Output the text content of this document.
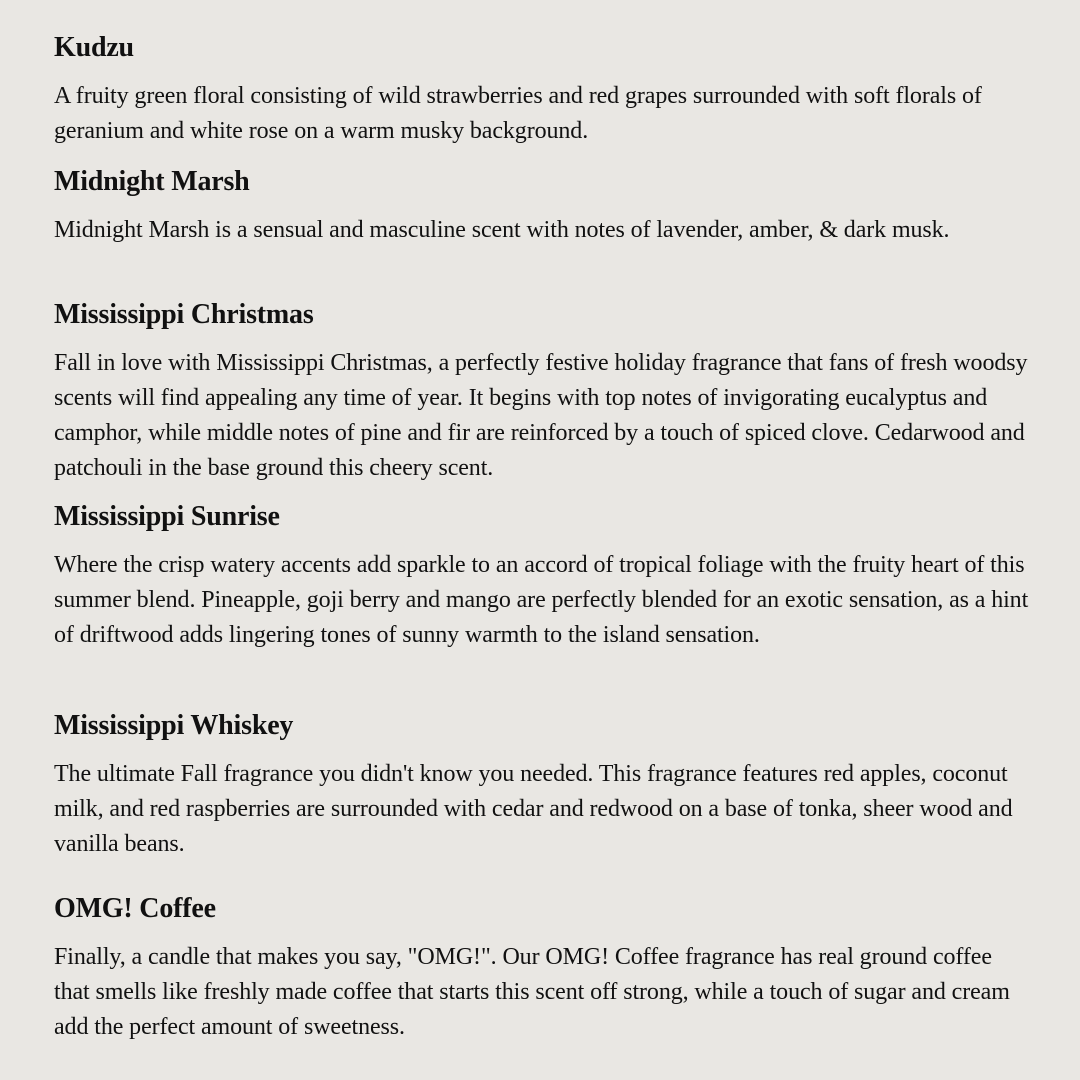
Kudzu

A fruity green floral consisting of wild strawberries and red grapes surrounded with soft florals of geranium and white rose on a warm musky background.

Midnight Marsh

Midnight Marsh is a sensual and masculine scent with notes of lavender, amber, & dark musk.

Mississippi Christmas

Fall in love with Mississippi Christmas, a perfectly festive holiday fragrance that fans of fresh woodsy scents will find appealing any time of year. It begins with top notes of invigorating eucalyptus and camphor, while middle notes of pine and fir are reinforced by a touch of spiced clove. Cedarwood and patchouli in the base ground this cheery scent.

Mississippi Sunrise

Where the crisp watery accents add sparkle to an accord of tropical foliage with the fruity heart of this summer blend. Pineapple, goji berry and mango are perfectly blended for an exotic sensation, as a hint of driftwood adds lingering tones of sunny warmth to the island sensation.

Mississippi Whiskey

The ultimate Fall fragrance you didn't know you needed. This fragrance features red apples, coconut milk, and red raspberries are surrounded with cedar and redwood on a base of tonka, sheer wood and vanilla beans.

OMG! Coffee

Finally, a candle that makes you say, "OMG!". Our OMG! Coffee fragrance has real ground coffee that smells like freshly made coffee that starts this scent off strong, while a touch of sugar and cream add the perfect amount of sweetness.
